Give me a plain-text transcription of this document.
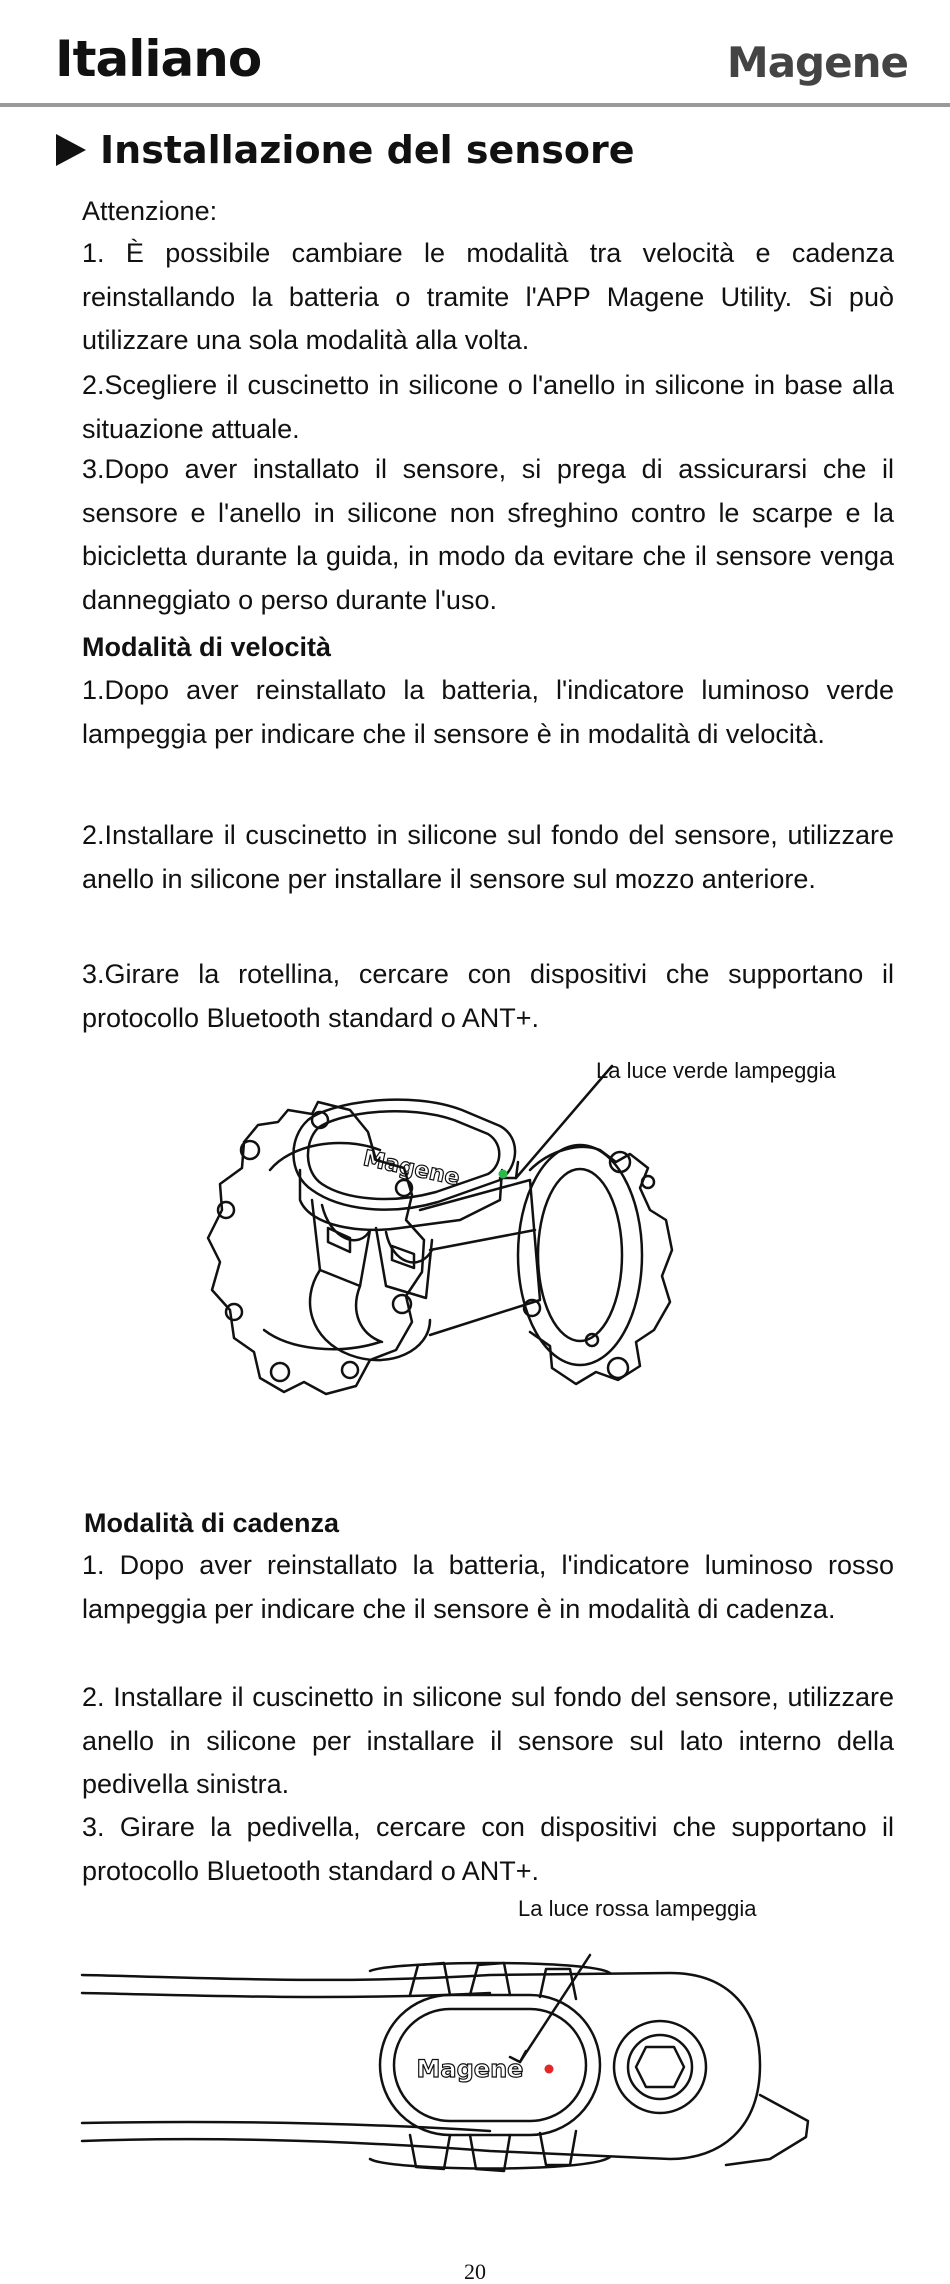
Italiano	Magene
Installazione del sensore

Attenzione:

1. È possibile cambiare le modalità tra velocità e cadenza reinstallando la batteria o tramite l'APP Magene Utility. Si può utilizzare una sola modalità alla volta.

2.Scegliere il cuscinetto in silicone o l'anello in silicone in base alla situazione attuale.

3.Dopo aver installato il sensore, si prega di assicurarsi che il sensore e l'anello in silicone non sfreghino contro le scarpe e la bicicletta durante la guida, in modo da evitare che il sensore venga danneggiato o perso durante l'uso.

Modalità di velocità

1.Dopo aver reinstallato la batteria, l'indicatore luminoso verde lampeggia per indicare che il sensore è in modalità di velocità.

2.Installare il cuscinetto in silicone sul fondo del sensore, utilizzare anello in silicone per installare il sensore sul mozzo anteriore.

3.Girare la rotellina, cercare con dispositivi che supportano il protocollo Bluetooth standard o ANT+.

La luce verde lampeggia
Magene

Modalità di cadenza

1. Dopo aver reinstallato la batteria, l'indicatore luminoso rosso lampeggia per indicare che il sensore è in modalità di cadenza.

2. Installare il cuscinetto in silicone sul fondo del sensore, utilizzare anello in silicone per installare il sensore sul lato interno della pedivella sinistra.

3. Girare la pedivella, cercare con dispositivi che supportano il protocollo Bluetooth standard o ANT+.

La luce rossa lampeggia
Magene
20
